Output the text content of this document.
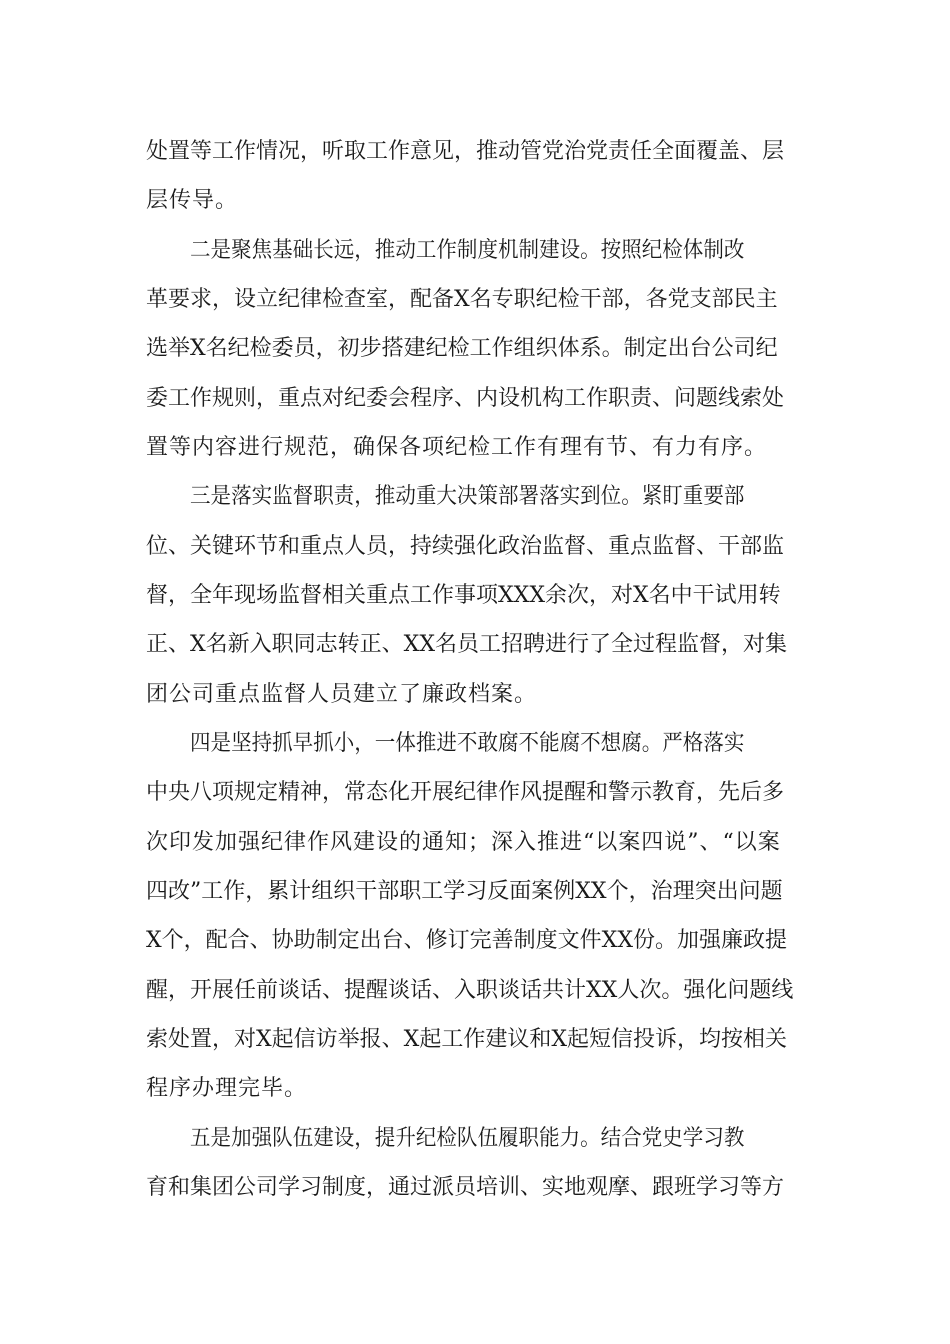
处置等工作情况，听取工作意见，推动管党治党责任全面覆盖、层
层传导。
二是聚焦基础长远，推动工作制度机制建设。按照纪检体制改
革要求，设立纪律检查室，配备X名专职纪检干部，各党支部民主
选举X名纪检委员，初步搭建纪检工作组织体系。制定出台公司纪
委工作规则，重点对纪委会程序、内设机构工作职责、问题线索处
置等内容进行规范，确保各项纪检工作有理有节、有力有序。
三是落实监督职责，推动重大决策部署落实到位。紧盯重要部
位、关键环节和重点人员，持续强化政治监督、重点监督、干部监
督，全年现场监督相关重点工作事项XXX余次，对X名中干试用转
正、X名新入职同志转正、XX名员工招聘进行了全过程监督，对集
团公司重点监督人员建立了廉政档案。
四是坚持抓早抓小，一体推进不敢腐不能腐不想腐。严格落实
中央八项规定精神，常态化开展纪律作风提醒和警示教育，先后多
次印发加强纪律作风建设的通知；深入推进“以案四说”、“以案
四改”工作，累计组织干部职工学习反面案例XX个，治理突出问题
X个，配合、协助制定出台、修订完善制度文件XX份。加强廉政提
醒，开展任前谈话、提醒谈话、入职谈话共计XX人次。强化问题线
索处置，对X起信访举报、X起工作建议和X起短信投诉，均按相关
程序办理完毕。
五是加强队伍建设，提升纪检队伍履职能力。结合党史学习教
育和集团公司学习制度，通过派员培训、实地观摩、跟班学习等方
